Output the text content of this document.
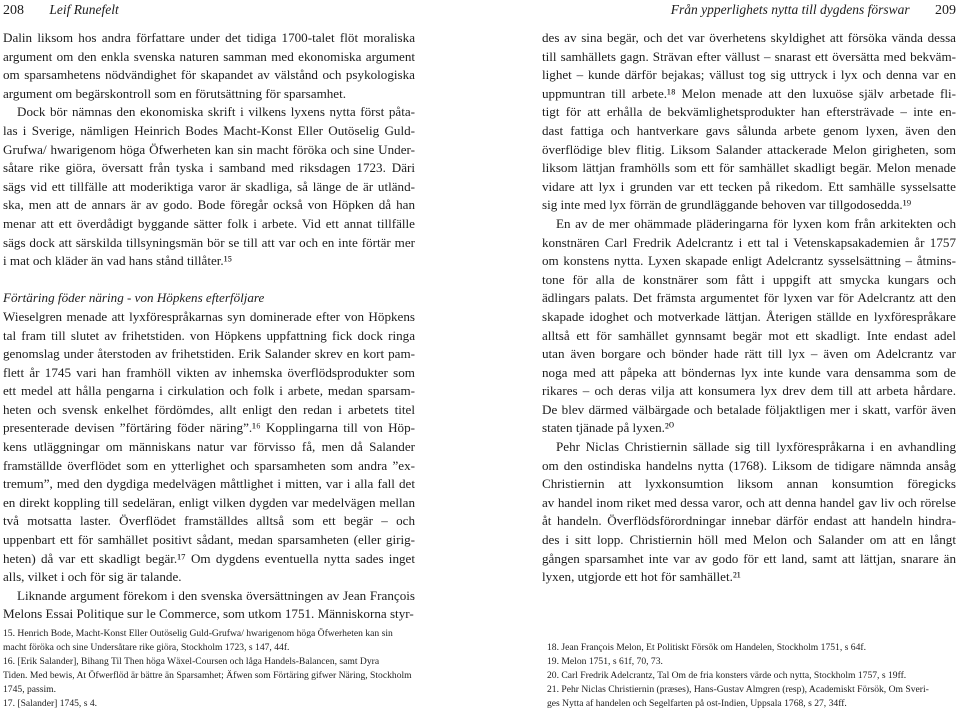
208 Leif Runefelt
Dalin liksom hos andra författare under det tidiga 1700-talet flöt moraliska
argument om den enkla svenska naturen samman med ekonomiska argument
om sparsamhetens nödvändighet för skapandet av välstånd och psykologiska
argument om begärskontroll som en förutsättning för sparsamhet.
Dock bör nämnas den ekonomiska skrift i vilkens lyxens nytta först påta-
las i Sverige, nämligen Heinrich Bodes Macht-Konst Eller Outöselig Guld-
Grufwa/ hwarigenom höga Öfwerheten kan sin macht föröka och sine Under-
såtare rike giöra, översatt från tyska i samband med riksdagen 1723. Däri
sägs vid ett tillfälle att moderiktiga varor är skadliga, så länge de är utländ-
ska, men att de annars är av godo. Bode föregår också von Höpken då han
menar att ett överdådigt byggande sätter folk i arbete. Vid ett annat tillfälle
sägs dock att särskilda tillsyningsmän bör se till att var och en inte förtär mer
i mat och kläder än vad hans stånd tillåter.¹⁵
Förtäring föder näring - von Höpkens efterföljare
Wieselgren menade att lyxförespråkarnas syn dominerade efter von Höpkens
tal fram till slutet av frihetstiden. von Höpkens uppfattning fick dock ringa
genomslag under återstoden av frihetstiden. Erik Salander skrev en kort pam-
flett år 1745 vari han framhöll vikten av inhemska överflödsprodukter som
ett medel att hålla pengarna i cirkulation och folk i arbete, medan sparsam-
heten och svensk enkelhet fördömdes, allt enligt den redan i arbetets titel
presenterade devisen ”förtäring föder näring”.¹⁶ Kopplingarna till von Höp-
kens utläggningar om människans natur var förvisso få, men då Salander
framställde överflödet som en ytterlighet och sparsamheten som andra ”ex-
tremum”, med den dygdiga medelvägen måttlighet i mitten, var i alla fall det
en direkt koppling till sedeläran, enligt vilken dygden var medelvägen mellan
två motsatta laster. Överflödet framställdes alltså som ett begär – och
uppenbart ett för samhället positivt sådant, medan sparsamheten (eller girig-
heten) då var ett skadligt begär.¹⁷ Om dygdens eventuella nytta sades inget
alls, vilket i och för sig är talande.
Liknande argument förekom i den svenska översättningen av Jean François
Melons Essai Politique sur le Commerce, som utkom 1751. Människorna styr-
Från ypperlighets nytta till dygdens förswar 209
des av sina begär, och det var överhetens skyldighet att försöka vända dessa
till samhällets gagn. Strävan efter vällust – snarast ett översätta med bekväm-
lighet – kunde därför bejakas; vällust tog sig uttryck i lyx och denna var en
uppmuntran till arbete.¹⁸ Melon menade att den luxuöse själv arbetade fli-
tigt för att erhålla de bekvämlighetsprodukter han eftersträvade – inte en-
dast fattiga och hantverkare gavs sålunda arbete genom lyxen, även den
överflödige blev flitig. Liksom Salander attackerade Melon girigheten, som
liksom lättjan framhölls som ett för samhället skadligt begär. Melon menade
vidare att lyx i grunden var ett tecken på rikedom. Ett samhälle sysselsatte
sig inte med lyx förrän de grundläggande behoven var tillgodosedda.¹⁹
En av de mer ohämmade pläderingarna för lyxen kom från arkitekten och
konstnären Carl Fredrik Adelcrantz i ett tal i Vetenskapsakademien år 1757
om konstens nytta. Lyxen skapade enligt Adelcrantz sysselsättning – åtmins-
tone för alla de konstnärer som fått i uppgift att smycka kungars och
ädlingars palats. Det främsta argumentet för lyxen var för Adelcrantz att den
skapade idoghet och motverkade lättjan. Återigen ställde en lyxförespråkare
alltså ett för samhället gynnsamt begär mot ett skadligt. Inte endast adel
utan även borgare och bönder hade rätt till lyx – även om Adelcrantz var
noga med att påpeka att böndernas lyx inte kunde vara densamma som de
rikares – och deras vilja att konsumera lyx drev dem till att arbeta hårdare.
De blev därmed välbärgade och betalade följaktligen mer i skatt, varför även
staten tjänade på lyxen.²⁰
Pehr Niclas Christiernin sällade sig till lyxförespråkarna i en avhandling
om den ostindiska handelns nytta (1768). Liksom de tidigare nämnda ansåg
Christiernin att lyxkonsumtion liksom annan konsumtion föregicks
av handel inom riket med dessa varor, och att denna handel gav liv och rörelse
åt handeln. Överflödsförordningar innebar därför endast att handeln hindra-
des i sitt lopp. Christiernin höll med Melon och Salander om att en långt
gången sparsamhet inte var av godo för ett land, samt att lättjan, snarare än
lyxen, utgjorde ett hot för samhället.²¹
15. Henrich Bode, Macht-Konst Eller Outöselig Guld-Grufwa/ hwarigenom höga Öfwerheten kan sin
macht föröka och sine Undersåtare rike giöra, Stockholm 1723, s 147, 44f.
16. [Erik Salander], Bihang Til Then höga Wäxel-Coursen och låga Handels-Balancen, samt Dyra
Tiden. Med bewis, At Öfwerflöd är bättre än Sparsamhet; Äfwen som Förtäring gifwer Näring, Stockholm
1745, passim.
17. [Salander] 1745, s 4.
18. Jean François Melon, Et Politiskt Försök om Handelen, Stockholm 1751, s 64f.
19. Melon 1751, s 61f, 70, 73.
20. Carl Fredrik Adelcrantz, Tal Om de fria konsters värde och nytta, Stockholm 1757, s 19ff.
21. Pehr Niclas Christiernin (præses), Hans-Gustav Almgren (resp), Academiskt Försök, Om Sveri-
ges Nytta af handelen och Segelfarten på ost-Indien, Uppsala 1768, s 27, 34ff.
